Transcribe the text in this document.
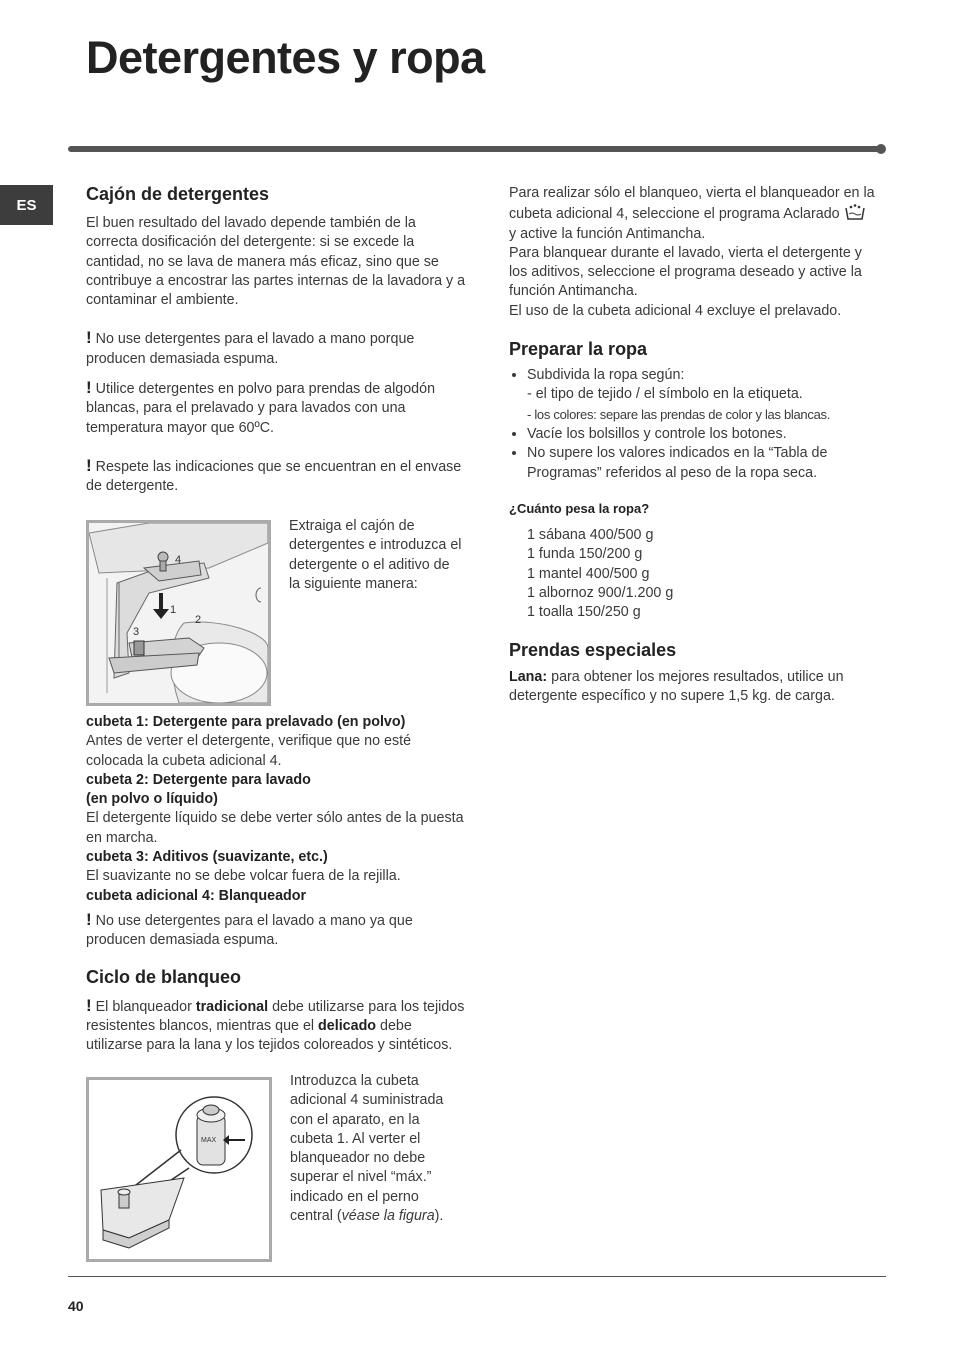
Detergentes y ropa
ES
Cajón de detergentes

El buen resultado del lavado depende también de la correcta dosificación del detergente: si se excede la cantidad, no se lava de manera más eficaz, sino que se contribuye a encostrar las partes internas de la lavadora y a contaminar el ambiente.

! No use detergentes para el lavado a mano porque producen demasiada espuma.

! Utilice detergentes en polvo para prendas de algodón blancas, para el prelavado y para lavados con una temperatura mayor que 60ºC.

! Respete las indicaciones que se encuentran en el envase de detergente.

4
1
2
3
Extraiga el cajón de detergentes e introduzca el detergente o el aditivo de la siguiente manera:

cubeta 1: Detergente para prelavado (en polvo)

Antes de verter el detergente, verifique que no esté colocada la cubeta adicional 4.

cubeta 2: Detergente para lavado

(en polvo o líquido)

El detergente líquido se debe verter sólo antes de la puesta en marcha.

cubeta 3: Aditivos (suavizante, etc.)

El suavizante no se debe volcar fuera de la rejilla.

cubeta adicional 4: Blanqueador

! No use detergentes para el lavado a mano ya que producen demasiada espuma.

Ciclo de blanqueo

! El blanqueador tradicional debe utilizarse para los tejidos resistentes blancos, mientras que el delicado debe utilizarse para la lana y los tejidos coloreados y sintéticos.

MAX
Introduzca la cubeta adicional 4 suministrada con el aparato, en la cubeta 1. Al verter el blanqueador no debe superar el nivel “máx.” indicado en el perno central (véase la figura).

Para realizar sólo el blanqueo, vierta el blanqueador en la cubeta adicional 4, seleccione el programa Aclarado

y active la función Antimancha.

Para blanquear durante el lavado, vierta el detergente y los aditivos, seleccione el programa deseado y active la función Antimancha.

El uso de la cubeta adicional 4 excluye el prelavado.

Preparar la ropa
• Subdivida la ropa según:
- el tipo de tejido / el símbolo en la etiqueta.
- los colores: separe las prendas de color y las blancas.
• Vacíe los bolsillos y controle los botones.
• No supere los valores indicados en la “Tabla de Programas” referidos al peso de la ropa seca.
¿Cuánto pesa la ropa?

1 sábana 400/500 g

1 funda 150/200 g

1 mantel 400/500 g

1 albornoz 900/1.200 g

1 toalla 150/250 g

Prendas especiales

Lana: para obtener los mejores resultados, utilice un detergente específico y no supere 1,5 kg. de carga.

40
